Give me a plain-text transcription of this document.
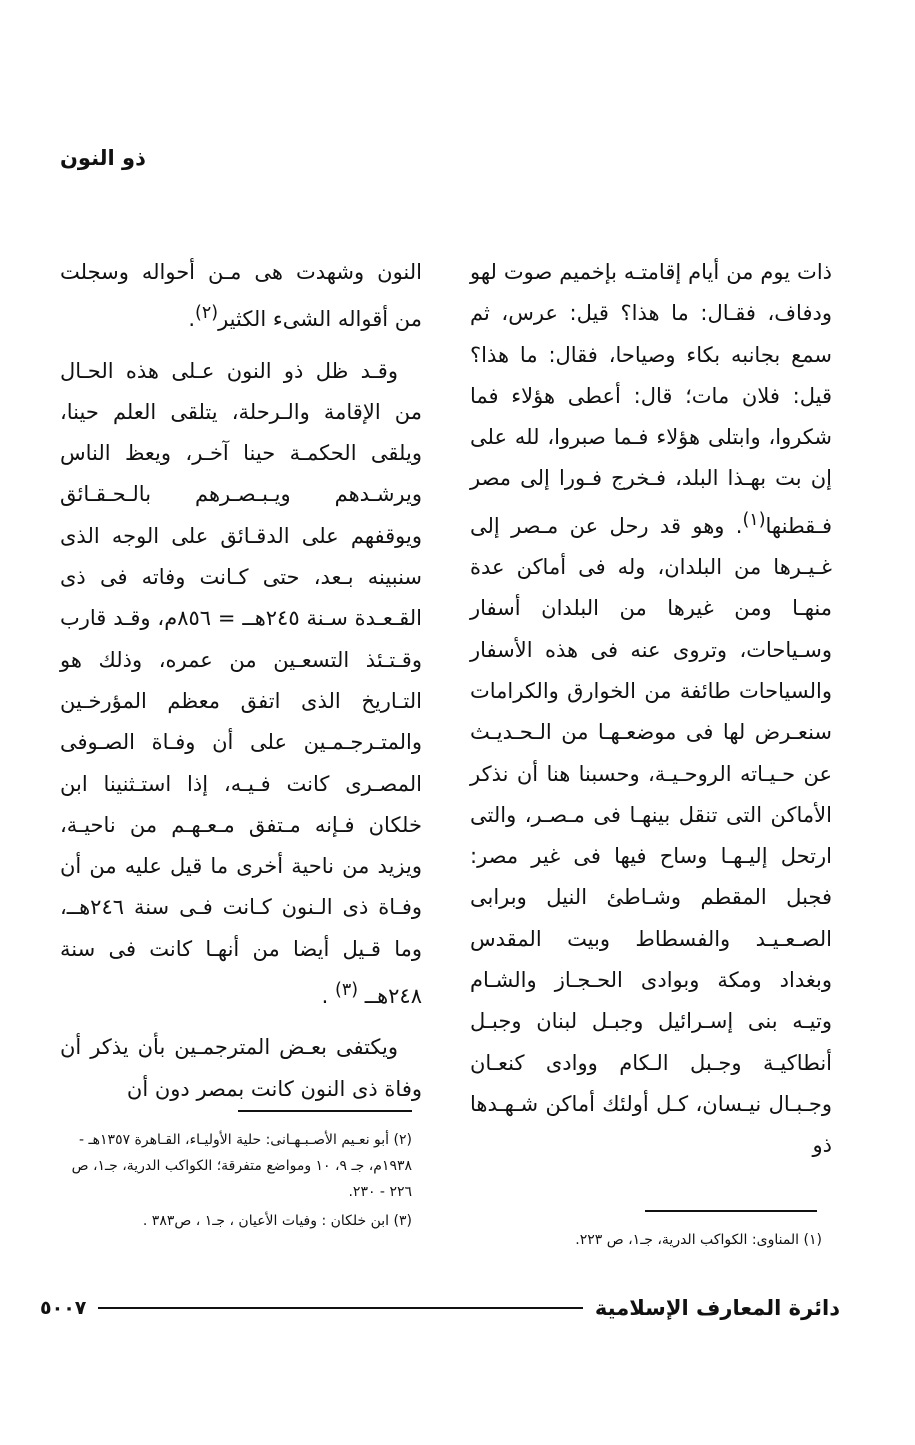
ذو النون

ذات يوم من أيام إقامتـه بإخميم صوت لهو ودفاف، فقـال: ما هذا؟ قيل: عرس، ثم سمع بجانبه بكاء وصياحا، فقال: ما هذا؟ قيل: فلان مات؛ قال: أعطى هؤلاء فما شكروا، وابتلى هؤلاء فـما صبروا، لله على إن بت بهـذا البلد، فـخرج فـورا إلى مصر فـقطنها$^{(١)}$. وهو قد رحل عن مـصر إلى غـيـرها من البلدان، وله فى أماكن عدة منهـا ومن غيرها من البلدان أسفار وسـياحات، وتروى عنه فى هذه الأسفار والسياحات طائفة من الخوارق والكرامات سنعـرض لها فى موضعـهـا من الـحـديـث عن حـيـاته الروحـيـة، وحسبنا هنا أن نذكر الأماكن التى تنقل بينهـا فى مـصـر، والتى ارتحل إليـهـا وساح فيها فى غير مصر: فجبل المقطم وشـاطئ النيل وبرابى الصـعـيـد والفسطاط وبيت المقدس وبغداد ومكة وبوادى الحـجـاز والشـام وتيـه بنى إسـرائيل وجبـل لبنان وجبـل أنطاكيـة وجـبل الـكام ووادى كنعـان وجـبـال نيـسان، كـل أولئك أماكن شـهـدها ذو

النون وشهدت هى مـن أحواله وسجلت من أقواله الشىء الكثير$^{(٢)}$.

وقـد ظل ذو النون عـلى هذه الحـال من الإقامة والـرحلة، يتلقى العلم حينا، ويلقى الحكمـة حينا آخـر، ويعظ الناس ويرشـدهم ويـبـصـرهم بالـحـقـائق ويوقفهم على الدقـائق على الوجه الذى سنبينه بـعد، حتى كـانت وفاته فى ذى القـعـدة سـنة ٢٤٥هــ = ٨٥٦م، وقـد قارب وقـتـئذ التسعـين من عمره، وذلك هو التـاريخ الذى اتفق معظم المؤرخـين والمتـرجـمـين على أن وفـاة الصـوفى المصـرى كانت فـيـه، إذا استـثنينا ابن خلكان فـإنه مـتفق مـعـهـم من ناحيـة، ويزيد من ناحية أخرى ما قيل عليه من أن وفـاة ذى الـنون كـانت فـى سنة ٢٤٦هــ، وما قـيل أيضا من أنهـا كانت فى سنة ٢٤٨هــ $^{(٣)}$ .

ويكتفى بعـض المترجمـين بأن يذكر أن وفاة ذى النون كانت بمصر دون أن

(١) المناوى: الكواكب الدرية، جـ١، ص ٢٢٣.
(٢) أبو نعـيم الأصـبـهـانى: حلية الأوليـاء، القـاهرة ١٣٥٧هـ - ١٩٣٨م، جـ ٩، ١٠ ومواضع متفرقة؛ الكواكب الدرية، جـ١، ص ٢٢٦ - ٢٣٠.
(٣) ابن خلكان : وفيات الأعيان ، جـ١ ، ص٣٨٣ .
دائرة المعارف الإسلامية
٥٠٠٧
